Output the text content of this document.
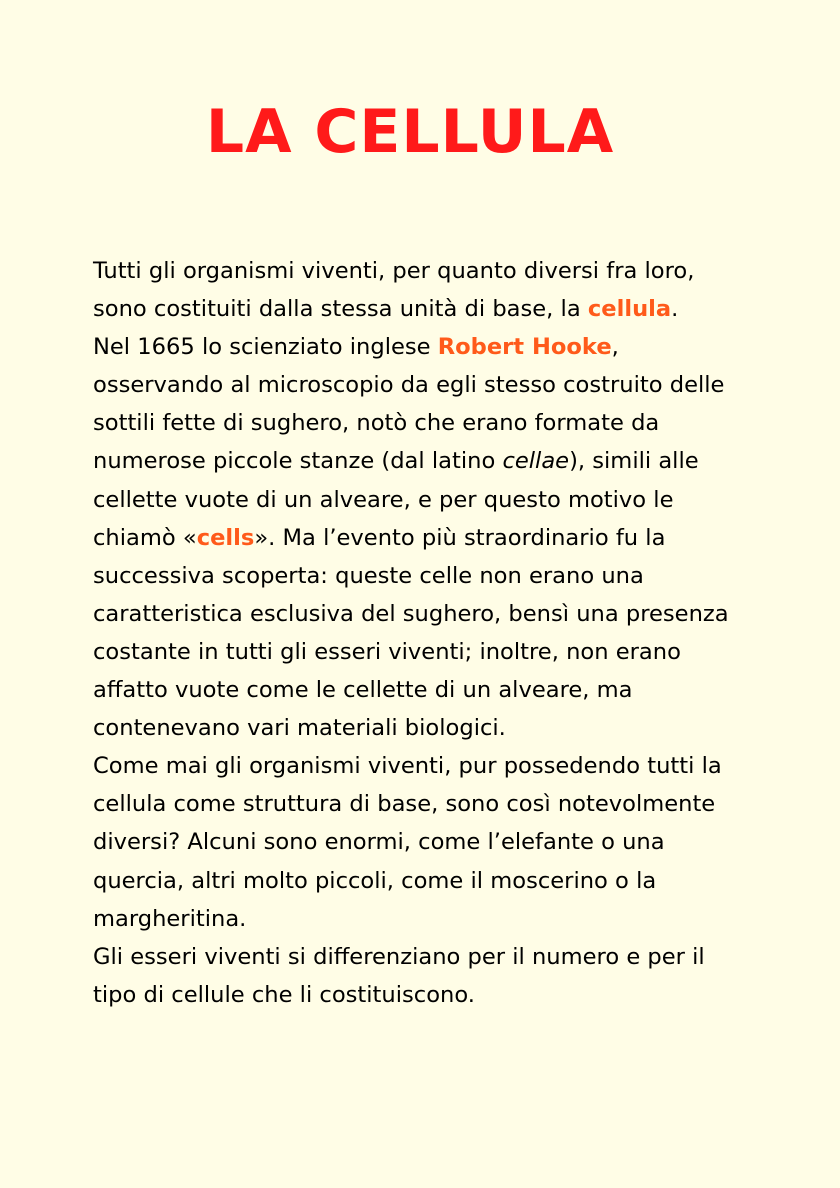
LA CELLULA
Tutti gli organismi viventi, per quanto diversi fra loro,
sono costituiti dalla stessa unità di base, la cellula.
Nel 1665 lo scienziato inglese Robert Hooke,
osservando al microscopio da egli stesso costruito delle
sottili fette di sughero, notò che erano formate da
numerose piccole stanze (dal latino cellae), simili alle
cellette vuote di un alveare, e per questo motivo le
chiamò «cells». Ma l’evento più straordinario fu la
successiva scoperta: queste celle non erano una
caratteristica esclusiva del sughero, bensì una presenza
costante in tutti gli esseri viventi; inoltre, non erano
affatto vuote come le cellette di un alveare, ma
contenevano vari materiali biologici.
Come mai gli organismi viventi, pur possedendo tutti la
cellula come struttura di base, sono così notevolmente
diversi? Alcuni sono enormi, come l’elefante o una
quercia, altri molto piccoli, come il moscerino o la
margheritina.
Gli esseri viventi si differenziano per il numero e per il
tipo di cellule che li costituiscono.
